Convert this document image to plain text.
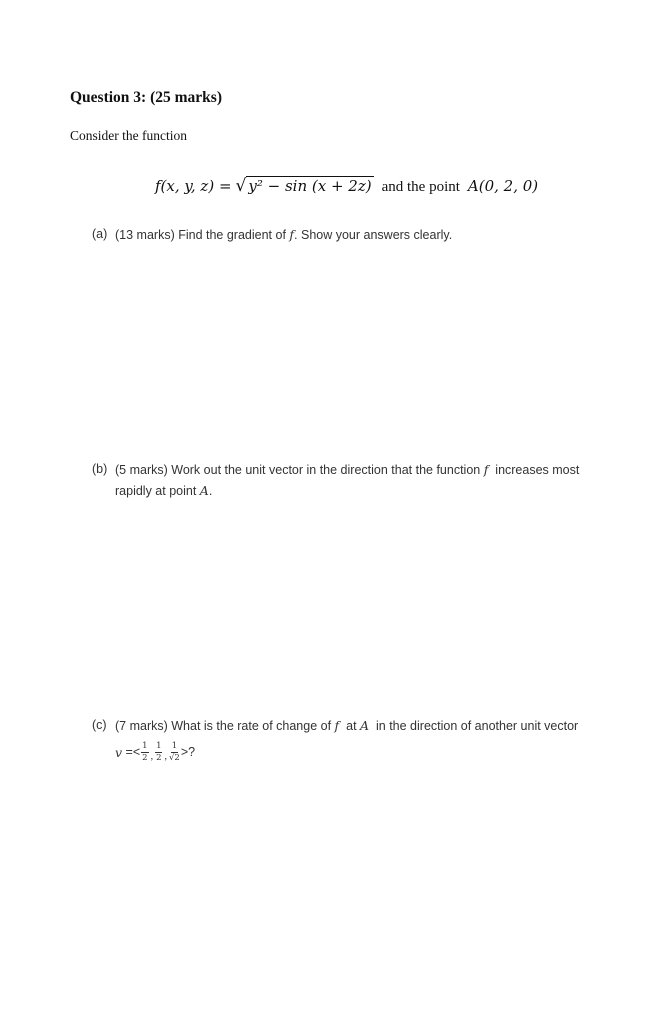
Question 3: (25 marks)
Consider the function
f(x, y, z) = √ y² − sin (x + 2z) and the point A(0, 2, 0)
(a) (13 marks) Find the gradient of f. Show your answers clearly.
(b) (5 marks) Work out the unit vector in the direction that the function f  increases most
rapidly at point A.
(c) (7 marks) What is the rate of change of f  at A  in the direction of another unit vector
$v =< \frac{1}{2}$ , $\frac{1}{2}$ , $\frac{1}{√2}$ >?
